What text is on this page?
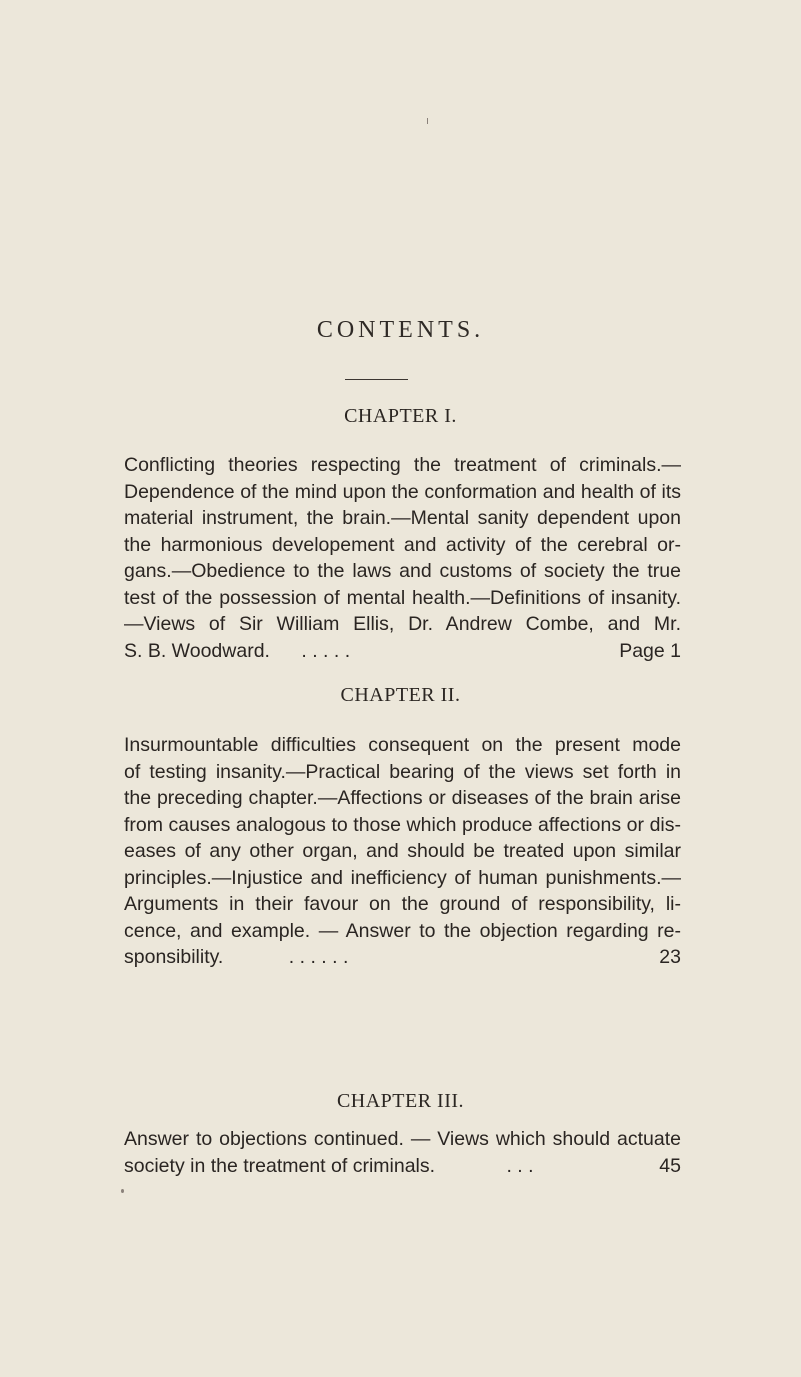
CONTENTS.
CHAPTER I.
Conflicting theories respecting the treatment of criminals.—
Dependence of the mind upon the conformation and health of its
material instrument, the brain.—Mental sanity dependent upon
the harmonious developement and activity of the cerebral or-
gans.—Obedience to the laws and customs of society the true
test of the possession of mental health.—Definitions of insanity.
—Views of Sir William Ellis, Dr. Andrew Combe, and Mr.
S. B. Woodward. . . . . .	Page 1
CHAPTER II.
Insurmountable difficulties consequent on the present mode
of testing insanity.—Practical bearing of the views set forth in
the preceding chapter.—Affections or diseases of the brain arise
from causes analogous to those which produce affections or dis-
eases of any other organ, and should be treated upon similar
principles.—Injustice and inefficiency of human punishments.—
Arguments in their favour on the ground of responsibility, li-
cence, and example. — Answer to the objection regarding re-
sponsibility.	. . . . . .	23
CHAPTER III.
Answer to objections continued. — Views which should actuate
society in the treatment of criminals.	. . .	45
